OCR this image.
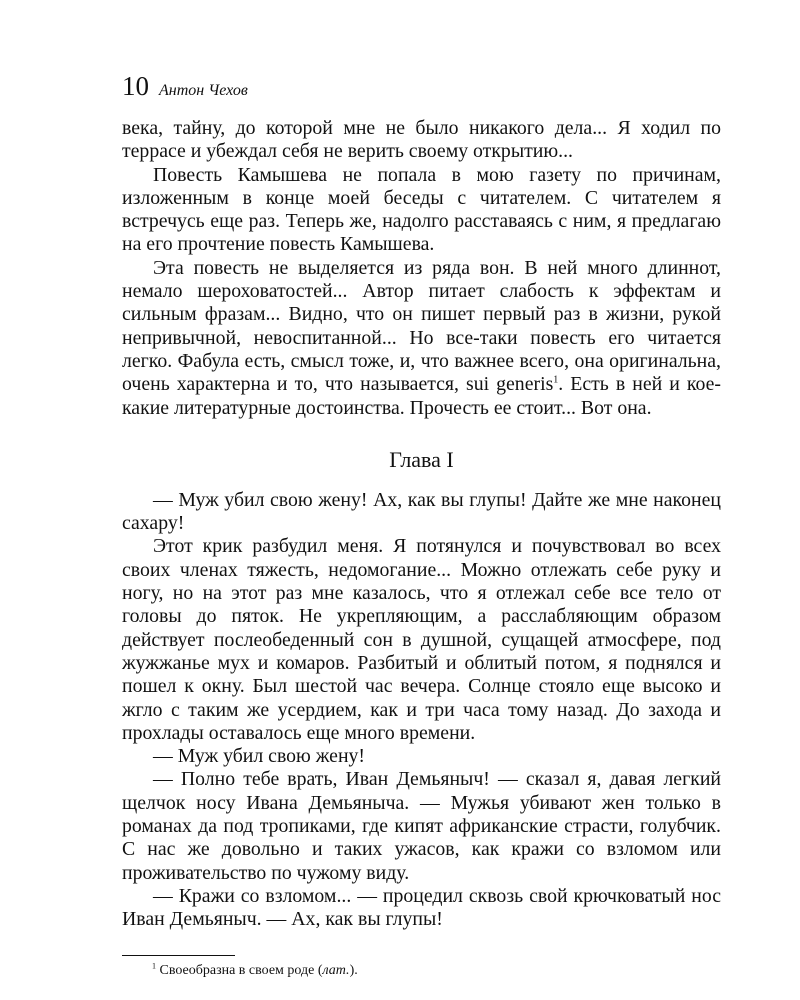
10 Антон Чехов

века, тайну, до которой мне не было никакого дела... Я ходил по террасе и убеждал себя не верить своему открытию...

Повесть Камышева не попала в мою газету по причинам, изложенным в конце моей беседы с читателем. С читателем я встречусь еще раз. Теперь же, надолго расставаясь с ним, я предлагаю на его прочтение повесть Камышева.

Эта повесть не выделяется из ряда вон. В ней много длиннот, немало шероховатостей... Автор питает слабость к эффектам и сильным фразам... Видно, что он пишет первый раз в жизни, рукой непривычной, невоспитанной... Но все-таки повесть его читается легко. Фабула есть, смысл тоже, и, что важнее всего, она оригинальна, очень характерна и то, что называется, sui generis$^1$. Есть в ней и кое-какие литературные достоинства. Прочесть ее стоит... Вот она.

Глава I

— Муж убил свою жену! Ах, как вы глупы! Дайте же мне наконец сахару!

Этот крик разбудил меня. Я потянулся и почувствовал во всех своих членах тяжесть, недомогание... Можно отлежать себе руку и ногу, но на этот раз мне казалось, что я отлежал себе все тело от головы до пяток. Не укрепляющим, а расслабляющим образом действует послеобеденный сон в душной, сущащей атмосфере, под жужжанье мух и комаров. Разбитый и облитый потом, я поднялся и пошел к окну. Был шестой час вечера. Солнце стояло еще высоко и жгло с таким же усердием, как и три часа тому назад. До захода и прохлады оставалось еще много времени.

— Муж убил свою жену!

— Полно тебе врать, Иван Демьяныч! — сказал я, давая легкий щелчок носу Ивана Демьяныча. — Мужья убивают жен только в романах да под тропиками, где кипят африканские страсти, голубчик. С нас же довольно и таких ужасов, как кражи со взломом или проживательство по чужому виду.

— Кражи со взломом... — процедил сквозь свой крючковатый нос Иван Демьяныч. — Ах, как вы глупы!

$^1$ Своеобразна в своем роде (лат.).
